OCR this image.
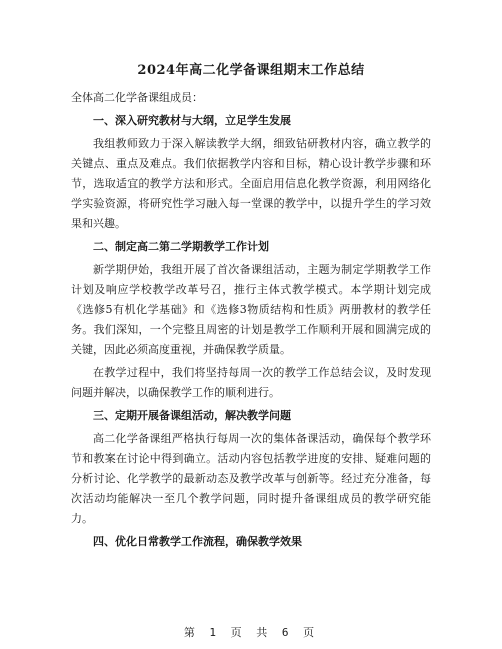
2024年高二化学备课组期末工作总结

全体高二化学备课组成员：

一、深入研究教材与大纲，立足学生发展

我组教师致力于深入解读教学大纲，细致钻研教材内容，确立教学的关键点、重点及难点。我们依据教学内容和目标，精心设计教学步骤和环节，选取适宜的教学方法和形式。全面启用信息化教学资源，利用网络化学实验资源，将研究性学习融入每一堂课的教学中，以提升学生的学习效果和兴趣。

二、制定高二第二学期教学工作计划

新学期伊始，我组开展了首次备课组活动，主题为制定学期教学工作计划及响应学校教学改革号召，推行主体式教学模式。本学期计划完成《选修5有机化学基础》和《选修3物质结构和性质》两册教材的教学任务。我们深知，一个完整且周密的计划是教学工作顺利开展和圆满完成的关键，因此必须高度重视，并确保教学质量。

在教学过程中，我们将坚持每周一次的教学工作总结会议，及时发现问题并解决，以确保教学工作的顺利进行。

三、定期开展备课组活动，解决教学问题

高二化学备课组严格执行每周一次的集体备课活动，确保每个教学环节和教案在讨论中得到确立。活动内容包括教学进度的安排、疑难问题的分析讨论、化学教学的最新动态及教学改革与创新等。经过充分准备，每次活动均能解决一至几个教学问题，同时提升备课组成员的教学研究能力。

四、优化日常教学工作流程，确保教学效果

第 1 页 共 6 页
